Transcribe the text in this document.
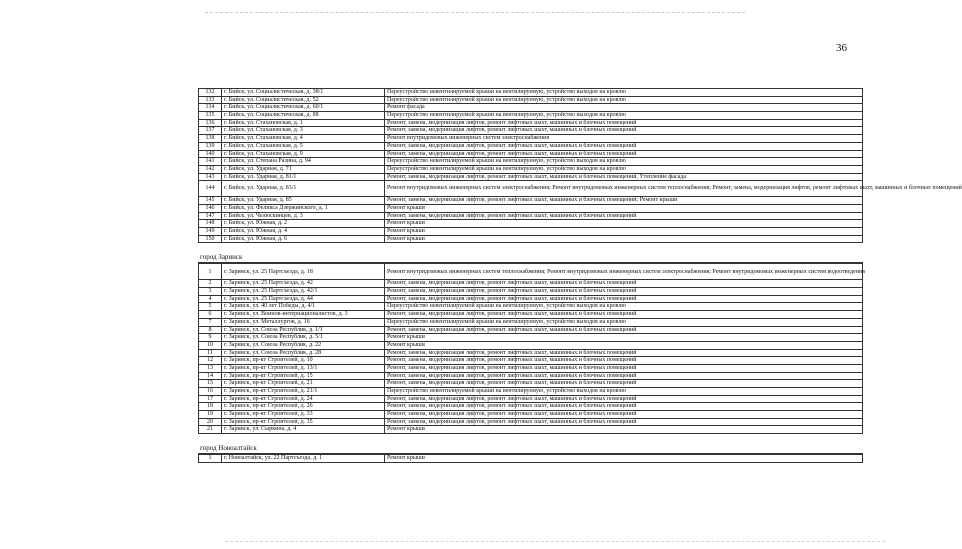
36
132	г. Бийск, ул. Социалистическая, д. 38/1	Переустройство невентилируемой крыши на вентилируемую, устройство выходов на кровлю
133	г. Бийск, ул. Социалистическая, д. 52	Переустройство невентилируемой крыши на вентилируемую, устройство выходов на кровлю
134	г. Бийск, ул. Социалистическая, д. 60/1	Ремонт фасада
135	г. Бийск, ул. Социалистическая, д. 88	Переустройство невентилируемой крыши на вентилируемую, устройство выходов на кровлю
136	г. Бийск, ул. Стахановская, д. 1	Ремонт, замена, модернизация лифтов, ремонт лифтовых шахт, машинных и блочных помещений
137	г. Бийск, ул. Стахановская, д. 3	Ремонт, замена, модернизация лифтов, ремонт лифтовых шахт, машинных и блочных помещений
138	г. Бийск, ул. Стахановская, д. 4	Ремонт внутридомовых инженерных систем электроснабжения
139	г. Бийск, ул. Стахановская, д. 5	Ремонт, замена, модернизация лифтов, ремонт лифтовых шахт, машинных и блочных помещений
140	г. Бийск, ул. Стахановская, д. 9	Ремонт, замена, модернизация лифтов, ремонт лифтовых шахт, машинных и блочных помещений
141	г. Бийск, ул. Степана Разина, д. 94	Переустройство невентилируемой крыши на вентилируемую, устройство выходов на кровлю
142	г. Бийск, ул. Ударная, д. 71	Переустройство невентилируемой крыши на вентилируемую, устройство выходов на кровлю
143	г. Бийск, ул. Ударная, д. 81/1	Ремонт, замена, модернизация лифтов, ремонт лифтовых шахт, машинных и блочных помещений, Утепление фасада
144	г. Бийск, ул. Ударная, д. 83/1	Ремонт внутридомовых инженерных систем электроснабжения; Ремонт внутридомовых инженерных систем теплоснабжения; Ремонт, замена, модернизация лифтов, ремонт лифтовых шахт, машинных и блочных помещений
145	г. Бийск, ул. Ударная, д. 85	Ремонт, замена, модернизация лифтов, ремонт лифтовых шахт, машинных и блочных помещений; Ремонт крыши
146	г. Бийск, ул. Феликса Дзержинского, д. 1	Ремонт крыши
147	г. Бийск, ул. Челюскинцев, д. 3	Ремонт, замена, модернизация лифтов, ремонт лифтовых шахт, машинных и блочных помещений
148	г. Бийск, ул. Южная, д. 2	Ремонт крыши
149	г. Бийск, ул. Южная, д. 4	Ремонт крыши
150	г. Бийск, ул. Южная, д. 6	Ремонт крыши
город Заринск
1	г. Заринск, ул. 25 Партсъезда, д. 18	Ремонт внутридомовых инженерных систем теплоснабжения; Ремонт внутридомовых инженерных систем электроснабжения; Ремонт внутридомовых инженерных систем водоотведения
2	г. Заринск, ул. 25 Партсъезда, д. 42	Ремонт, замена, модернизация лифтов, ремонт лифтовых шахт, машинных и блочных помещений
3	г. Заринск, ул. 25 Партсъезда, д. 42/1	Ремонт, замена, модернизация лифтов, ремонт лифтовых шахт, машинных и блочных помещений
4	г. Заринск, ул. 25 Партсъезда, д. 44	Ремонт, замена, модернизация лифтов, ремонт лифтовых шахт, машинных и блочных помещений
5	г. Заринск, ул. 40 лет Победы, д. 4/1	Переустройство невентилируемой крыши на вентилируемую, устройство выходов на кровлю
6	г. Заринск, ул. Воинов-интернационалистов, д. 3	Ремонт, замена, модернизация лифтов, ремонт лифтовых шахт, машинных и блочных помещений
7	г. Заринск, ул. Металлургов, д. 16	Переустройство невентилируемой крыши на вентилируемую, устройство выходов на кровлю
8	г. Заринск, ул. Союза Республик, д. 1/1	Ремонт, замена, модернизация лифтов, ремонт лифтовых шахт, машинных и блочных помещений
9	г. Заринск, ул. Союза Республик, д. 5/1	Ремонт крыши
10	г. Заринск, ул. Союза Республик, д. 22	Ремонт крыши
11	г. Заринск, ул. Союза Республик, д. 28	Ремонт, замена, модернизация лифтов, ремонт лифтовых шахт, машинных и блочных помещений
12	г. Заринск, пр-кт Строителей, д. 10	Ремонт, замена, модернизация лифтов, ремонт лифтовых шахт, машинных и блочных помещений
13	г. Заринск, пр-кт Строителей, д. 13/1	Ремонт, замена, модернизация лифтов, ремонт лифтовых шахт, машинных и блочных помещений
14	г. Заринск, пр-кт Строителей, д. 15	Ремонт, замена, модернизация лифтов, ремонт лифтовых шахт, машинных и блочных помещений
15	г. Заринск, пр-кт Строителей, д. 21	Ремонт, замена, модернизация лифтов, ремонт лифтовых шахт, машинных и блочных помещений
16	г. Заринск, пр-кт Строителей, д. 21/1	Переустройство невентилируемой крыши на вентилируемую, устройство выходов на кровлю
17	г. Заринск, пр-кт Строителей, д. 24	Ремонт, замена, модернизация лифтов, ремонт лифтовых шахт, машинных и блочных помещений
18	г. Заринск, пр-кт Строителей, д. 26	Ремонт, замена, модернизация лифтов, ремонт лифтовых шахт, машинных и блочных помещений
19	г. Заринск, пр-кт Строителей, д. 33	Ремонт, замена, модернизация лифтов, ремонт лифтовых шахт, машинных и блочных помещений
20	г. Заринск, пр-кт Строителей, д. 35	Ремонт, замена, модернизация лифтов, ремонт лифтовых шахт, машинных и блочных помещений
21	г. Заринск, ул. Сыркина, д. 4	Ремонт крыши
город Новоалтайск
1	г. Новоалтайск, ул. 22 Партсъезда, д. 1	Ремонт крыши
